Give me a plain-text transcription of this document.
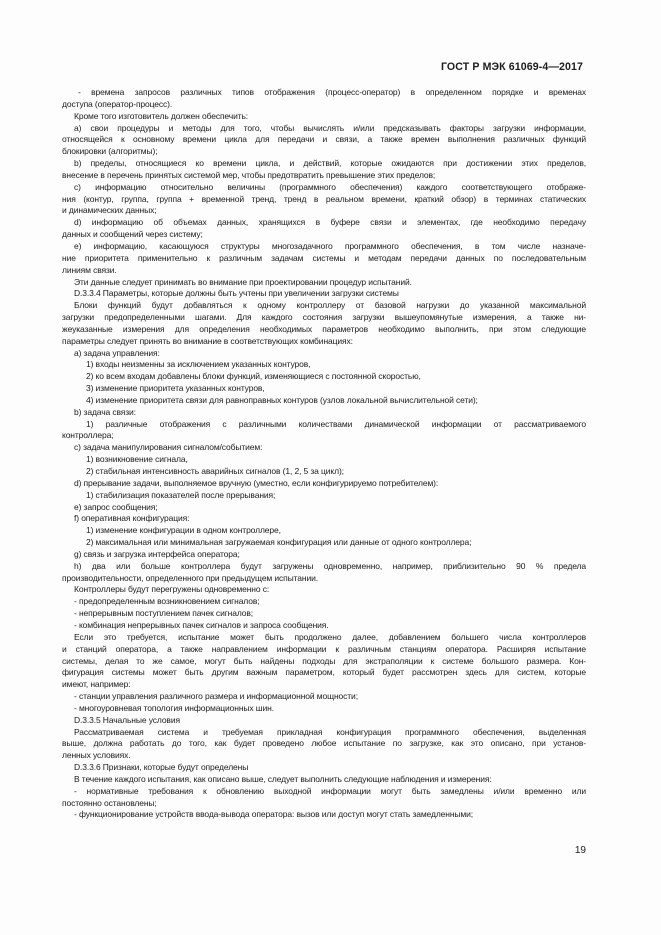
ГОСТ Р МЭК 61069-4—2017
- времена запросов различных типов отображения (процесс-оператор) в определенном порядке и временах
доступа (оператор-процесс).
Кроме того изготовитель должен обеспечить:
а) свои процедуры и методы для того, чтобы вычислять и/или предсказывать факторы загрузки информации,
относящейся к основному времени цикла для передачи и связи, а также времен выполнения различных функций
блокировки (алгоритмы);
b) пределы, относящиеся ко времени цикла, и действий, которые ожидаются при достижении этих пределов,
внесение в перечень принятых системой мер, чтобы предотвратить превышение этих пределов;
с) информацию относительно величины (программного обеспечения) каждого соответствующего отображе-
ния (контур, группа, группа + временной тренд, тренд в реальном времени, краткий обзор) в терминах статических
и динамических данных;
d) информацию об объемах данных, хранящихся в буфере связи и элементах, где необходимо передачу
данных и сообщений через систему;
е) информацию, касающуюся структуры многозадачного программного обеспечения, в том числе назначе-
ние приоритета применительно к различным задачам системы и методам передачи данных по последовательным
линиям связи.
Эти данные следует принимать во внимание при проектировании процедур испытаний.
D.3.3.4 Параметры, которые должны быть учтены при увеличении загрузки системы
Блоки функций будут добавляться к одному контроллеру от базовой нагрузки до указанной максимальной
загрузки предопределенными шагами. Для каждого состояния загрузки вышеупомянутые измерения, а также ни-
жеуказанные измерения для определения необходимых параметров необходимо выполнить, при этом следующие
параметры следует принять во внимание в соответствующих комбинациях:
а) задача управления:
1) входы неизменны за исключением указанных контуров,
2) ко всем входам добавлены блоки функций, изменяющиеся с постоянной скоростью,
3) изменение приоритета указанных контуров,
4) изменение приоритета связи для равноправных контуров (узлов локальной вычислительной сети);
b) задача связи:
1) различные отображения с различными количествами динамической информации от рассматриваемого
контроллера;
с) задача манипулирования сигналом/событием:
1) возникновение сигнала,
2) стабильная интенсивность аварийных сигналов (1, 2, 5 за цикл);
d) прерывание задачи, выполняемое вручную (уместно, если конфигурируемо потребителем):
1) стабилизация показателей после прерывания;
е) запрос сообщения;
f) оперативная конфигурация:
1) изменение конфигурации в одном контроллере,
2) максимальная или минимальная загружаемая конфигурация или данные от одного контроллера;
g) связь и загрузка интерфейса оператора;
h) два или больше контроллера будут загружены одновременно, например, приблизительно 90 % предела
производительности, определенного при предыдущем испытании.
Контроллеры будут перегружены одновременно с:
- предопределенным возникновением сигналов;
- непрерывным поступлением пачек сигналов;
- комбинация непрерывных пачек сигналов и запроса сообщения.
Если это требуется, испытание может быть продолжено далее, добавлением большего числа контроллеров
и станций оператора, а также направлением информации к различным станциям оператора. Расширяя испытание
системы, делая то же самое, могут быть найдены подходы для экстраполяции к системе большого размера. Кон-
фигурация системы может быть другим важным параметром, который будет рассмотрен здесь для систем, которые
имеют, например:
- станции управления различного размера и информационной мощности;
- многоуровневая топология информационных шин.
D.3.3.5 Начальные условия
Рассматриваемая система и требуемая прикладная конфигурация программного обеспечения, выделенная
выше, должна работать до того, как будет проведено любое испытание по загрузке, как это описано, при установ-
ленных условиях.
D.3.3.6 Признаки, которые будут определены
В течение каждого испытания, как описано выше, следует выполнить следующие наблюдения и измерения:
- нормативные требования к обновлению выходной информации могут быть замедлены и/или временно или
постоянно остановлены;
- функционирование устройств ввода-вывода оператора: вызов или доступ могут стать замедленными;
19
